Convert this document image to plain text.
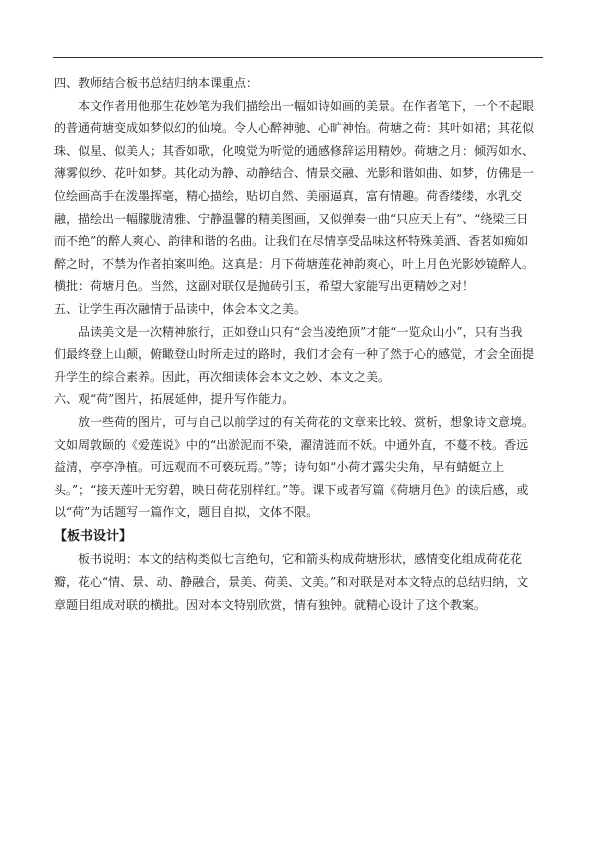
四、教师结合板书总结归纳本课重点：
本文作者用他那生花妙笔为我们描绘出一幅如诗如画的美景。在作者笔下，一个不起眼
的普通荷塘变成如梦似幻的仙境。令人心醉神驰、心旷神怡。荷塘之荷：其叶如裙；其花似
珠、似星、似美人；其香如歌，化嗅觉为听觉的通感修辞运用精妙。荷塘之月：倾泻如水、
薄雾似纱、花叶如梦。其化动为静、动静结合、情景交融、光影和谐如曲、如梦，仿佛是一
位绘画高手在泼墨挥毫，精心描绘，贴切自然、美丽逼真，富有情趣。荷香缕缕，水乳交
融，描绘出一幅朦胧清雅、宁静温馨的精美图画，又似弹奏一曲“只应天上有”、“绕梁三日
而不绝”的醉人爽心、韵律和谐的名曲。让我们在尽情享受品味这杯特殊美酒、香茗如痴如
醉之时，不禁为作者拍案叫绝。这真是：月下荷塘莲花神韵爽心，叶上月色光影妙镜醉人。
横批：荷塘月色。当然，这副对联仅是抛砖引玉，希望大家能写出更精妙之对！
五、让学生再次融情于品读中，体会本文之美。
品读美文是一次精神旅行，正如登山只有“会当凌绝顶”才能“一览众山小”，只有当我
们最终登上山颠，俯瞰登山时所走过的路时，我们才会有一种了然于心的感觉，才会全面提
升学生的综合素养。因此，再次细读体会本文之妙、本文之美。
六、观“荷”图片，拓展延伸，提升写作能力。
放一些荷的图片，可与自己以前学过的有关荷花的文章来比较、赏析，想象诗文意境。
文如周敦颐的《爱莲说》中的“出淤泥而不染，濯清涟而不妖。中通外直，不蔓不枝。香远
益清，亭亭净植。可远观而不可亵玩焉。”等；诗句如“小荷才露尖尖角，早有蜻蜓立上
头。”；“接天莲叶无穷碧，映日荷花别样红。”等。课下或者写篇《荷塘月色》的读后感，或
以“荷”为话题写一篇作文，题目自拟，文体不限。
【板书设计】
板书说明：本文的结构类似七言绝句，它和箭头构成荷塘形状，感情变化组成荷花花
瓣，花心“情、景、动、静融合，景美、荷美、文美。”和对联是对本文特点的总结归纳，文
章题目组成对联的横批。因对本文特别欣赏，情有独钟。就精心设计了这个教案。
